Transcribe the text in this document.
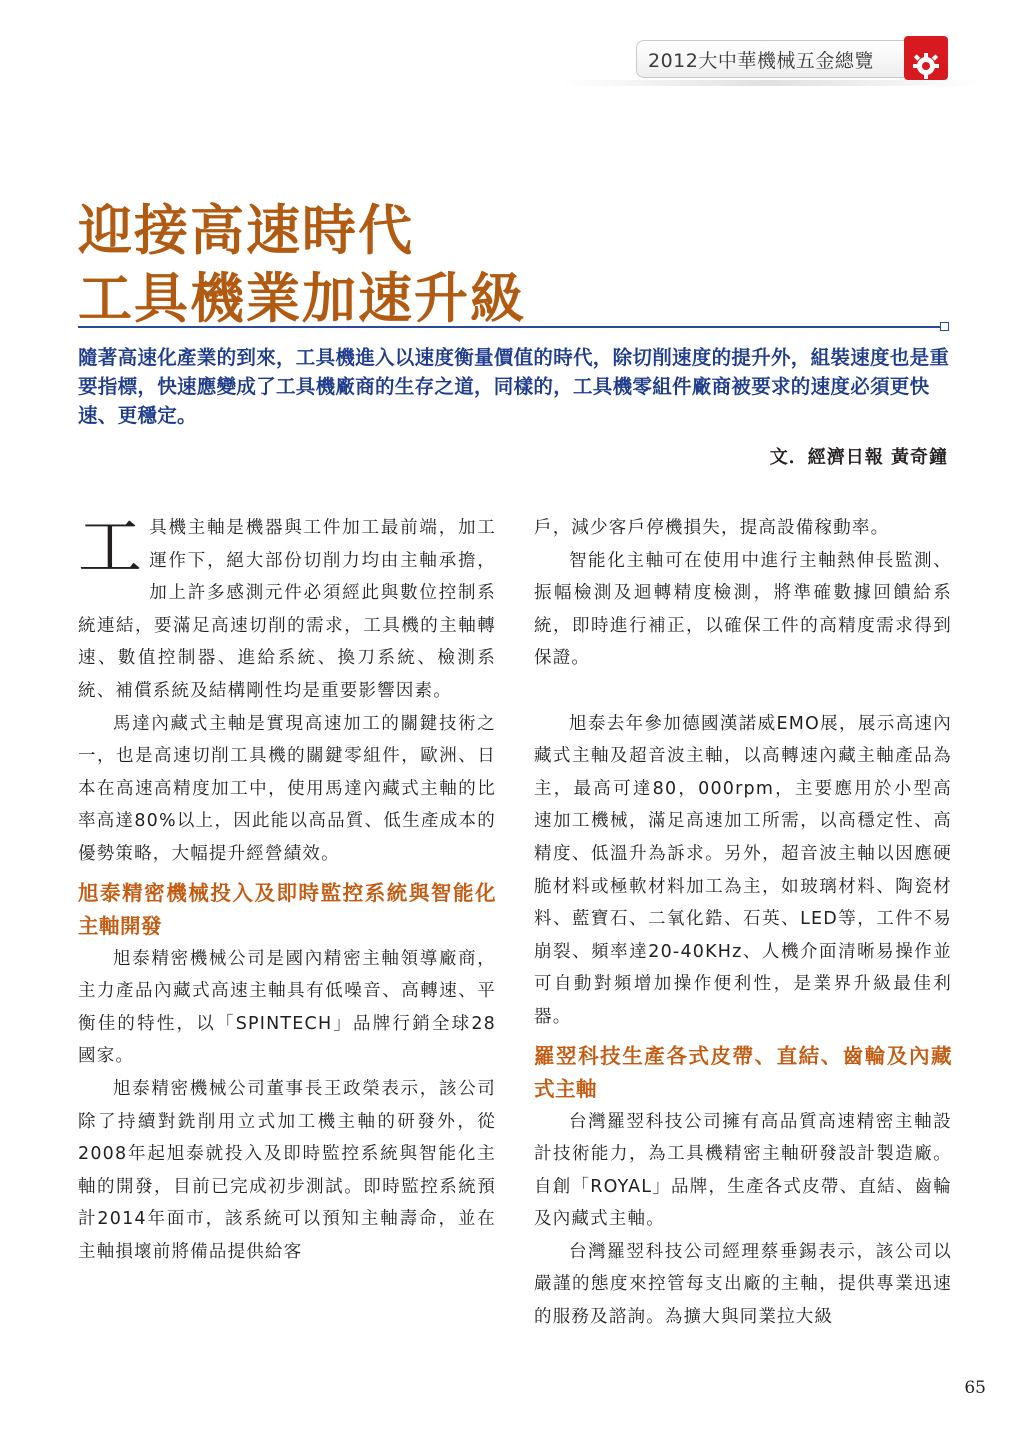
2012大中華機械五金總覽
迎接高速時代
工具機業加速升級
隨著高速化產業的到來，工具機進入以速度衡量價值的時代，除切削速度的提升外，組裝速度也是重要指標，快速應變成了工具機廠商的生存之道，同樣的，工具機零組件廠商被要求的速度必須更快速、更穩定。
文．經濟日報 黃奇鐘

工具機主軸是機器與工件加工最前端，加工運作下，絕大部份切削力均由主軸承擔，加上許多感測元件必須經此與數位控制系統連結，要滿足高速切削的需求，工具機的主軸轉速、數值控制器、進給系統、換刀系統、檢測系統、補償系統及結構剛性均是重要影響因素。

馬達內藏式主軸是實現高速加工的關鍵技術之一，也是高速切削工具機的關鍵零組件，歐洲、日本在高速高精度加工中，使用馬達內藏式主軸的比率高達80%以上，因此能以高品質、低生產成本的優勢策略，大幅提升經營績效。

旭泰精密機械投入及即時監控系統與智能化主軸開發

旭泰精密機械公司是國內精密主軸領導廠商，主力產品內藏式高速主軸具有低噪音、高轉速、平衡佳的特性，以「SPINTECH」品牌行銷全球28國家。

旭泰精密機械公司董事長王政榮表示，該公司除了持續對銑削用立式加工機主軸的研發外，從2008年起旭泰就投入及即時監控系統與智能化主軸的開發，目前已完成初步測試。即時監控系統預計2014年面市，該系統可以預知主軸壽命，並在主軸損壞前將備品提供給客

戶，減少客戶停機損失，提高設備稼動率。

智能化主軸可在使用中進行主軸熱伸長監測、振幅檢測及迴轉精度檢測，將準確數據回饋給系統，即時進行補正，以確保工件的高精度需求得到保證。

旭泰去年參加德國漢諾威EMO展，展示高速內藏式主軸及超音波主軸，以高轉速內藏主軸產品為主，最高可達80，000rpm，主要應用於小型高速加工機械，滿足高速加工所需，以高穩定性、高精度、低溫升為訴求。另外，超音波主軸以因應硬脆材料或極軟材料加工為主，如玻璃材料、陶瓷材料、藍寶石、二氧化鋯、石英、LED等，工件不易崩裂、頻率達20-40KHz、人機介面清晰易操作並可自動對頻增加操作便利性，是業界升級最佳利器。

羅翌科技生產各式皮帶、直結、齒輪及內藏式主軸

台灣羅翌科技公司擁有高品質高速精密主軸設計技術能力，為工具機精密主軸研發設計製造廠。自創「ROYAL」品牌，生產各式皮帶、直結、齒輪及內藏式主軸。

台灣羅翌科技公司經理蔡垂錫表示，該公司以嚴謹的態度來控管每支出廠的主軸，提供專業迅速的服務及諮詢。為擴大與同業拉大級

65
